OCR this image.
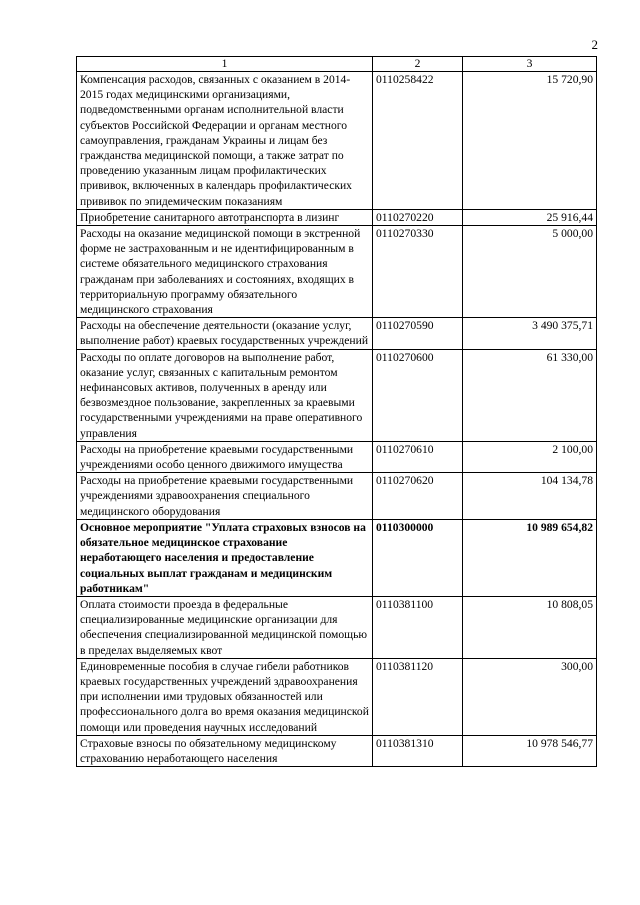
2
1	2	3
Компенсация расходов, связанных с оказанием в 2014-2015 годах медицинскими организациями, подведомственными органам исполнительной власти субъектов Российской Федерации и органам местного самоуправления, гражданам Украины и лицам без гражданства медицинской помощи, а также затрат по проведению указанным лицам профилактических прививок, включенных в календарь профилактических прививок по эпидемическим показаниям	0110258422	15 720,90
Приобретение санитарного автотранспорта в лизинг	0110270220	25 916,44
Расходы на оказание медицинской помощи в экстренной форме не застрахованным и не идентифицированным в системе обязательного медицинского страхования гражданам при заболеваниях и состояниях, входящих в территориальную программу обязательного медицинского страхования	0110270330	5 000,00
Расходы на обеспечение деятельности (оказание услуг, выполнение работ) краевых государственных учреждений	0110270590	3 490 375,71
Расходы по оплате договоров на выполнение работ, оказание услуг, связанных с капитальным ремонтом нефинансовых активов, полученных в аренду или безвозмездное пользование, закрепленных за краевыми государственными учреждениями на праве оперативного управления	0110270600	61 330,00
Расходы на приобретение краевыми государственными учреждениями особо ценного движимого имущества	0110270610	2 100,00
Расходы на приобретение краевыми государственными учреждениями здравоохранения специального медицинского оборудования	0110270620	104 134,78
Основное мероприятие "Уплата страховых взносов на обязательное медицинское страхование неработающего населения и предоставление социальных выплат гражданам и медицинским работникам"	0110300000	10 989 654,82
Оплата стоимости проезда в федеральные специализированные медицинские организации для обеспечения специализированной медицинской помощью в пределах выделяемых квот	0110381100	10 808,05
Единовременные пособия в случае гибели работников краевых государственных учреждений здравоохранения при исполнении ими трудовых обязанностей или профессионального долга во время оказания медицинской помощи или проведения научных исследований	0110381120	300,00
Страховые взносы по обязательному медицинскому страхованию неработающего населения	0110381310	10 978 546,77
